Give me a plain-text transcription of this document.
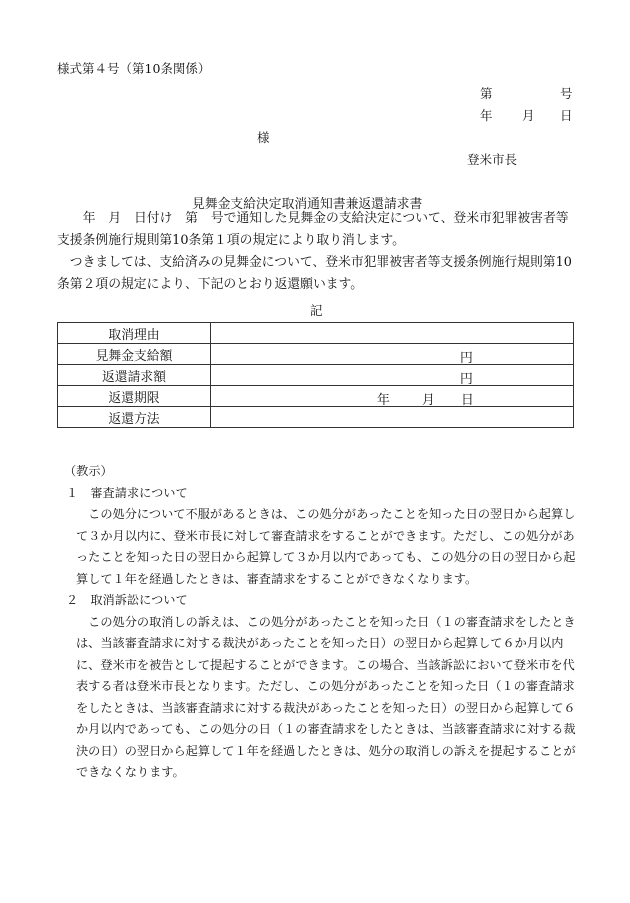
様式第４号（第10条関係）
第	号
年 月 日
様
登米市長
見舞金支給決定取消通知書兼返還請求書

　年　月　日付け　第　号で通知した見舞金の支給決定について、登米市犯罪被害者等支援条例施行規則第10条第１項の規定により取り消します。

　つきましては、支給済みの見舞金について、登米市犯罪被害者等支援条例施行規則第10条第２項の規定により、下記のとおり返還願います。

記
取消理由	
見舞金支給額	円

返還請求額	円

返還期限	年 月 日

返還方法	

（教示）

１　審査請求について

　この処分について不服があるときは、この処分があったことを知った日の翌日から起算して３か月以内に、登米市長に対して審査請求をすることができます。ただし、この処分があったことを知った日の翌日から起算して３か月以内であっても、この処分の日の翌日から起算して１年を経過したときは、審査請求をすることができなくなります。

２　取消訴訟について

　この処分の取消しの訴えは、この処分があったことを知った日（１の審査請求をしたときは、当該審査請求に対する裁決があったことを知った日）の翌日から起算して６か月以内に、登米市を被告として提起することができます。この場合、当該訴訟において登米市を代表する者は登米市長となります。ただし、この処分があったことを知った日（１の審査請求をしたときは、当該審査請求に対する裁決があったことを知った日）の翌日から起算して６か月以内であっても、この処分の日（１の審査請求をしたときは、当該審査請求に対する裁決の日）の翌日から起算して１年を経過したときは、処分の取消しの訴えを提起することができなくなります。
